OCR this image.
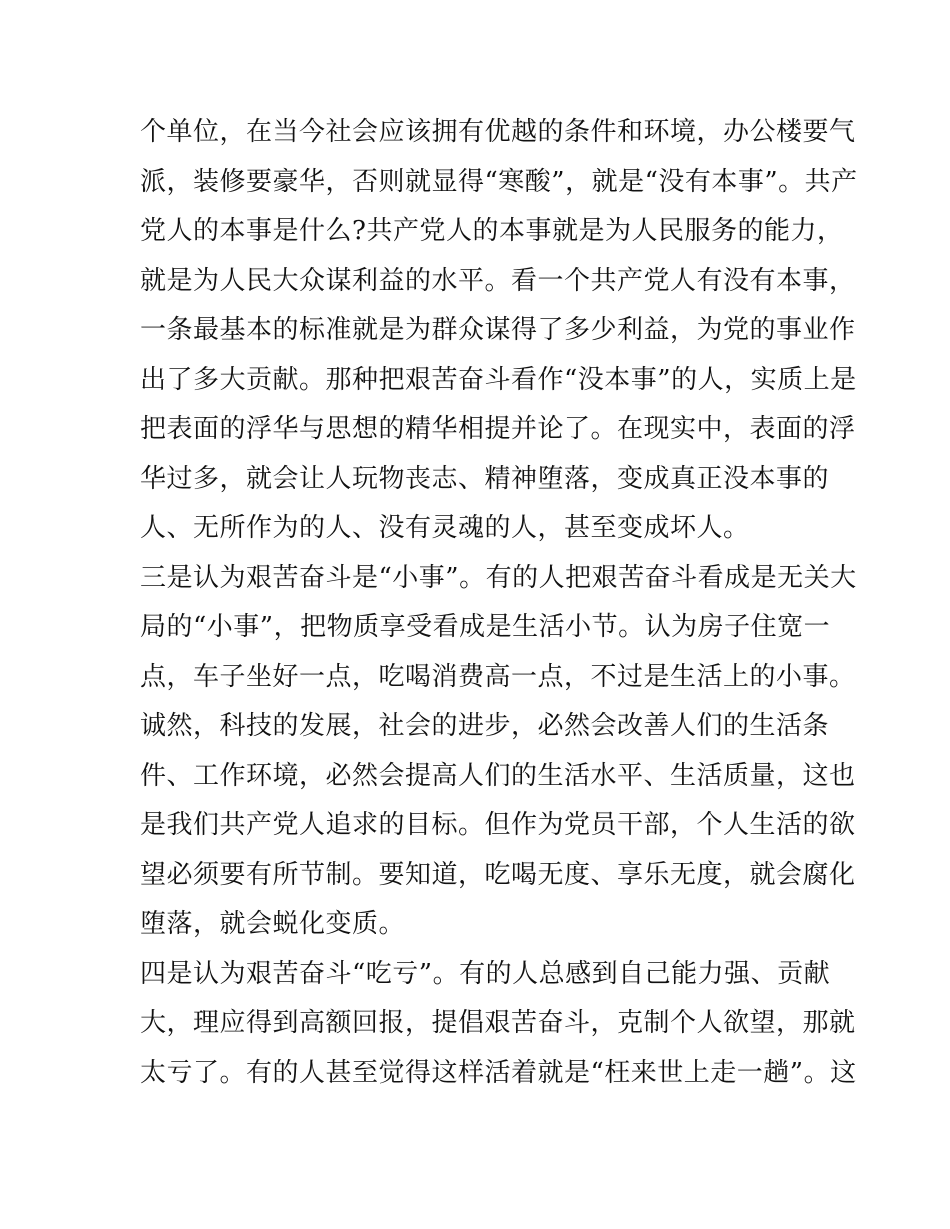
个单位，在当今社会应该拥有优越的条件和环境，办公楼要气
派，装修要豪华，否则就显得“寒酸”，就是“没有本事”。共产
党人的本事是什么?共产党人的本事就是为人民服务的能力，
就是为人民大众谋利益的水平。看一个共产党人有没有本事，
一条最基本的标准就是为群众谋得了多少利益，为党的事业作
出了多大贡献。那种把艰苦奋斗看作“没本事”的人，实质上是
把表面的浮华与思想的精华相提并论了。在现实中，表面的浮
华过多，就会让人玩物丧志、精神堕落，变成真正没本事的
人、无所作为的人、没有灵魂的人，甚至变成坏人。
三是认为艰苦奋斗是“小事”。有的人把艰苦奋斗看成是无关大
局的“小事”，把物质享受看成是生活小节。认为房子住宽一
点，车子坐好一点，吃喝消费高一点，不过是生活上的小事。
诚然，科技的发展，社会的进步，必然会改善人们的生活条
件、工作环境，必然会提高人们的生活水平、生活质量，这也
是我们共产党人追求的目标。但作为党员干部，个人生活的欲
望必须要有所节制。要知道，吃喝无度、享乐无度，就会腐化
堕落，就会蜕化变质。
四是认为艰苦奋斗“吃亏”。有的人总感到自己能力强、贡献
大，理应得到高额回报，提倡艰苦奋斗，克制个人欲望，那就
太亏了。有的人甚至觉得这样活着就是“枉来世上走一趟”。这
